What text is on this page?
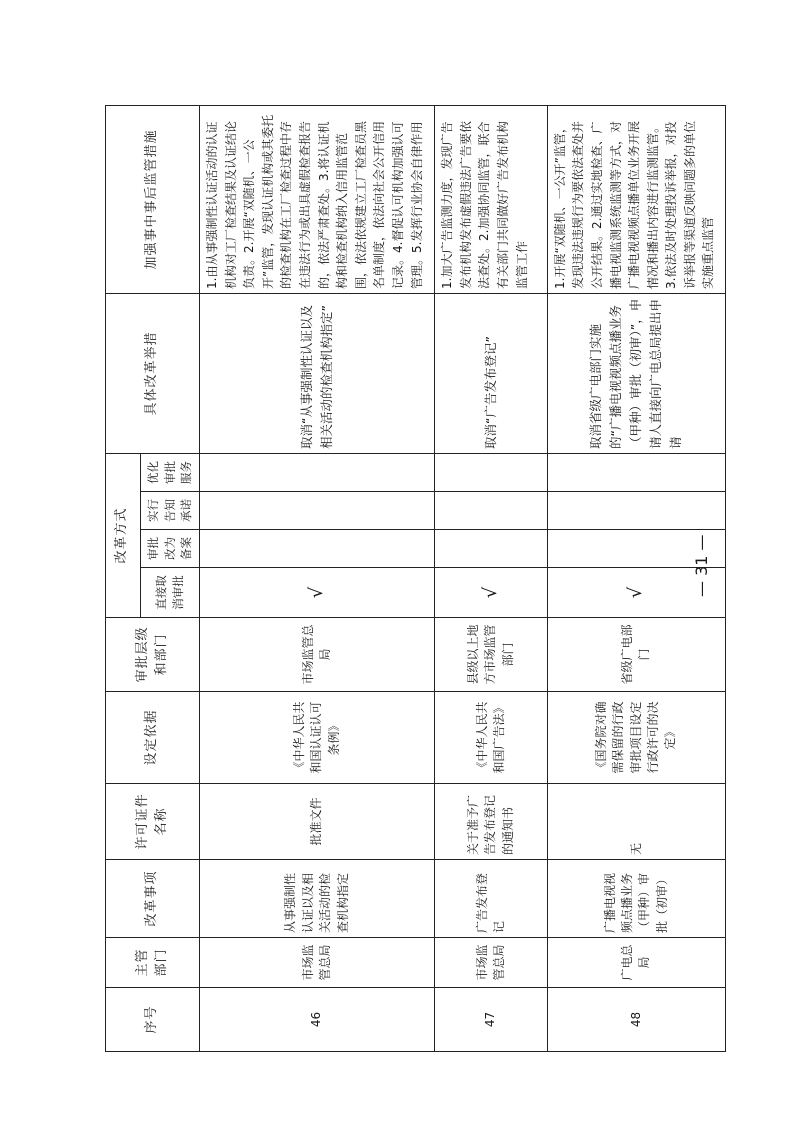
序号	主管部门	改革事项	许可证件名称	设定依据	审批层级和部门	改革方式				具体改革举措	加强事中事后监管措施
						直接取消审批	审批改为备案	实行告知承诺	优化审批服务		
46	市场监管总局	从事强制性认证以及相关活动的检查机构指定	批准文件	《中华人民共和国认证认可条例》	市场监管总局	√				取消“从事强制性认证以及相关活动的检查机构指定”	1.由从事强制性认证活动的认证机构对工厂检查结果及认证结论负责。2.开展“双随机、一公开”监管，发现认证机构或其委托的检查机构在工厂检查过程中存在违法行为或出具虚假检查报告的，依法严肃查处。3.将认证机构和检查机构纳入信用监管范围，依法依规建立工厂检查员黑名单制度，依法向社会公开信用记录。4.督促认可机构加强认可管理。5.发挥行业协会自律作用
47	市场监管总局	广告发布登记	关于准予广告发布登记的通知书	《中华人民共和国广告法》	县级以上地方市场监管部门	√				取消“广告发布登记”	1.加大广告监测力度，发现广告发布机构发布虚假违法广告要依法查处。2.加强协同监管，联合有关部门共同做好广告发布机构监管工作
48	广电总局	广播电视视频点播业务（甲种）审批（初审）	无	《国务院对确需保留的行政审批项目设定行政许可的决定》	省级广电部门	√				取消省级广电部门实施的“广播电视视频点播业务（甲种）审批（初审）”，申请人直接向广电总局提出申请	1.开展“双随机、一公开”监管，发现违法违规行为要依法查处并公开结果。2.通过实地检查、广播电视监测系统监测等方式，对广播电视视频点播单位业务开展情况和播出内容进行监测监管。3.依法及时处理投诉举报，对投诉举报等渠道反映问题多的单位实施重点监管
— 31 —
